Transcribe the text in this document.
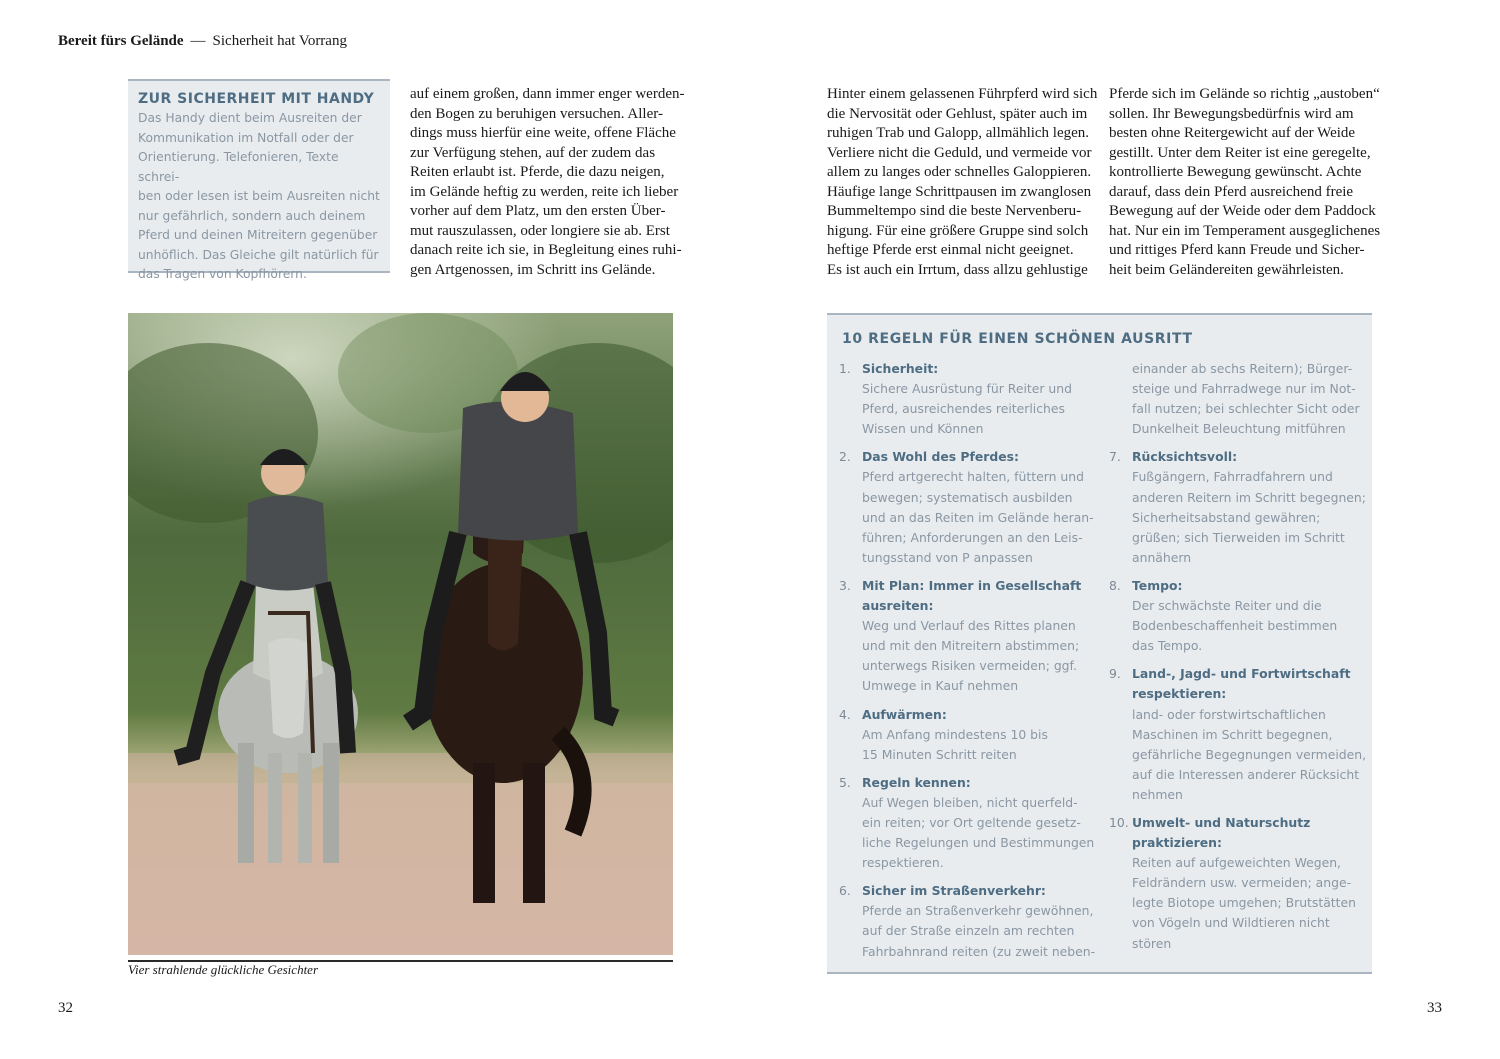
Bereit fürs Gelände — Sicherheit hat Vorrang
ZUR SICHERHEIT MIT HANDY

Das Handy dient beim Ausreiten der

Kommunikation im Notfall oder der

Orientierung. Telefonieren, Texte schrei-

ben oder lesen ist beim Ausreiten nicht

nur gefährlich, sondern auch deinem

Pferd und deinen Mitreitern gegenüber

unhöflich. Das Gleiche gilt natürlich für

das Tragen von Kopfhörern.

auf einem großen, dann immer enger werden-

den Bogen zu beruhigen versuchen. Aller-

dings muss hierfür eine weite, offene Fläche

zur Verfügung stehen, auf der zudem das

Reiten erlaubt ist. Pferde, die dazu neigen,

im Gelände heftig zu werden, reite ich lieber

vorher auf dem Platz, um den ersten Über-

mut rauszulassen, oder longiere sie ab. Erst

danach reite ich sie, in Begleitung eines ruhi-

gen Artgenossen, im Schritt ins Gelände.

Hinter einem gelassenen Führpferd wird sich

die Nervosität oder Gehlust, später auch im

ruhigen Trab und Galopp, allmählich legen.

Verliere nicht die Geduld, und vermeide vor

allem zu langes oder schnelles Galoppieren.

Häufige lange Schrittpausen im zwanglosen

Bummeltempo sind die beste Nervenberu-

higung. Für eine größere Gruppe sind solch

heftige Pferde erst einmal nicht geeignet.

Es ist auch ein Irrtum, dass allzu gehlustige

Pferde sich im Gelände so richtig „austoben“

sollen. Ihr Bewegungsbedürfnis wird am

besten ohne Reitergewicht auf der Weide

gestillt. Unter dem Reiter ist eine geregelte,

kontrollierte Bewegung gewünscht. Achte

darauf, dass dein Pferd ausreichend freie

Bewegung auf der Weide oder dem Paddock

hat. Nur ein im Temperament ausgeglichenes

und rittiges Pferd kann Freude und Sicher-

heit beim Geländereiten gewährleisten.

Vier strahlende glückliche Gesichter
10 REGELN FÜR EINEN SCHÖNEN AUSRITT
1. Sicherheit:
Sichere Ausrüstung für Reiter und
Pferd, ausreichendes reiterliches
Wissen und Können
2. Das Wohl des Pferdes:
Pferd artgerecht halten, füttern und
bewegen; systematisch ausbilden
und an das Reiten im Gelände heran-
führen; Anforderungen an den Leis-
tungsstand von P anpassen
3. Mit Plan: Immer in Gesellschaft
ausreiten:
Weg und Verlauf des Rittes planen
und mit den Mitreitern abstimmen;
unterwegs Risiken vermeiden; ggf.
Umwege in Kauf nehmen
4. Aufwärmen:
Am Anfang mindestens 10 bis
15 Minuten Schritt reiten
5. Regeln kennen:
Auf Wegen bleiben, nicht querfeld-
ein reiten; vor Ort geltende gesetz-
liche Regelungen und Bestimmungen
respektieren.
6. Sicher im Straßenverkehr:
Pferde an Straßenverkehr gewöhnen,
auf der Straße einzeln am rechten
Fahrbahnrand reiten (zu zweit neben-
einander ab sechs Reitern); Bürger-
steige und Fahrradwege nur im Not-
fall nutzen; bei schlechter Sicht oder
Dunkelheit Beleuchtung mitführen
7. Rücksichtsvoll:
Fußgängern, Fahrradfahrern und
anderen Reitern im Schritt begegnen;
Sicherheitsabstand gewähren;
grüßen; sich Tierweiden im Schritt
annähern
8. Tempo:
Der schwächste Reiter und die
Bodenbeschaffenheit bestimmen
das Tempo.
9. Land-, Jagd- und Fortwirtschaft
respektieren:
land- oder forstwirtschaftlichen
Maschinen im Schritt begegnen,
gefährliche Begegnungen vermeiden,
auf die Interessen anderer Rücksicht
nehmen
10. Umwelt- und Naturschutz
praktizieren:
Reiten auf aufgeweichten Wegen,
Feldrändern usw. vermeiden; ange-
legte Biotope umgehen; Brutstätten
von Vögeln und Wildtieren nicht
stören
32	33
